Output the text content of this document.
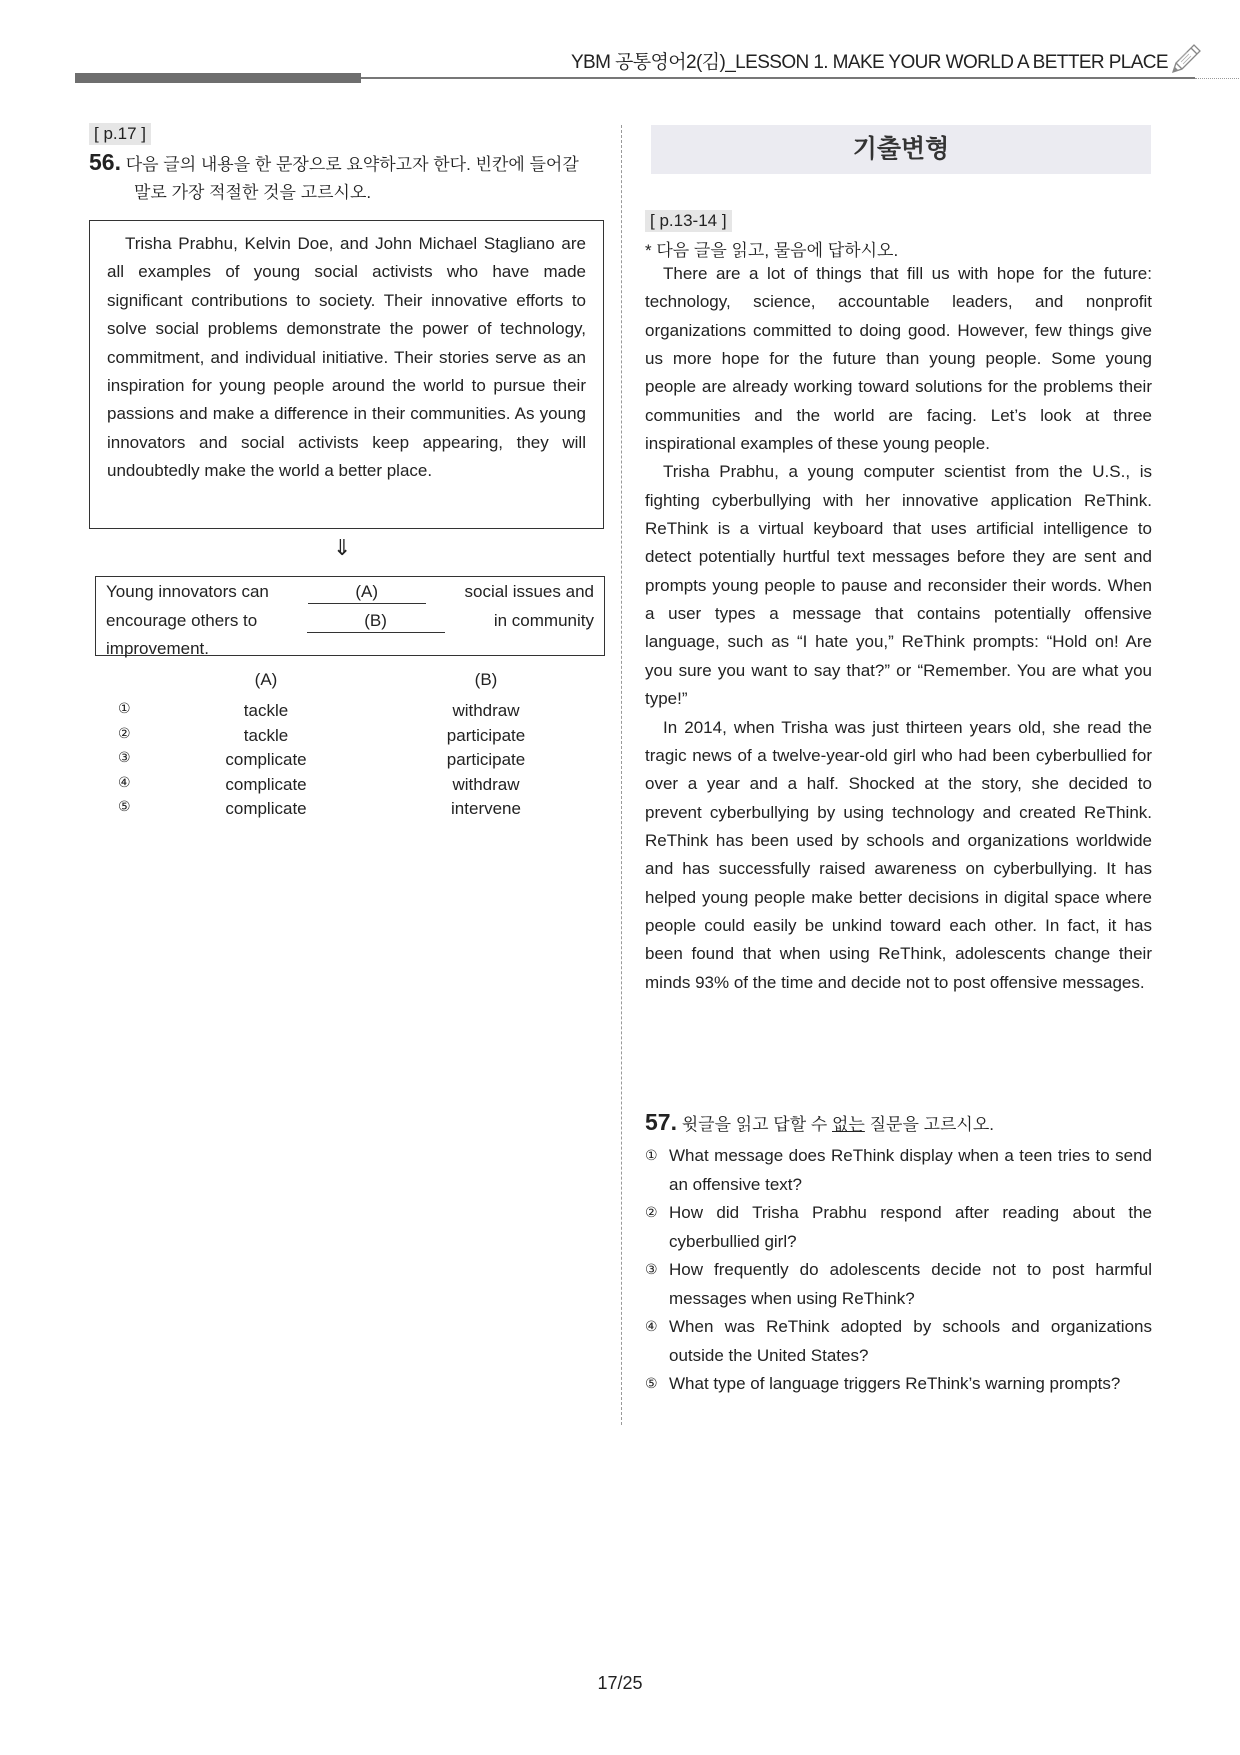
YBM 공통영어2(김)_LESSON 1. MAKE YOUR WORLD A BETTER PLACE
[ p.17 ]
56. 다음 글의 내용을 한 문장으로 요약하고자 한다. 빈칸에 들어갈
말로 가장 적절한 것을 고르시오.

Trisha Prabhu, Kelvin Doe, and John Michael Stagliano are all examples of young social activists who have made significant contributions to society. Their innovative efforts to solve social problems demonstrate the power of technology, commitment, and individual initiative. Their stories serve as an inspiration for young people around the world to pursue their passions and make a difference in their communities. As young innovators and social activists keep appearing, they will undoubtedly make the world a better place.

⇓
Young innovators can	(A)	social issues and
encourage others to	(B)	in community
improvement.
(A)	(B)
①	tackle	withdraw
②	tackle	participate
③	complicate	participate
④	complicate	withdraw
⑤	complicate	intervene
기출변형
[ p.13-14 ]
* 다음 글을 읽고, 물음에 답하시오.

There are a lot of things that fill us with hope for the future: technology, science, accountable leaders, and nonprofit organizations committed to doing good. However, few things give us more hope for the future than young people. Some young people are already working toward solutions for the problems their communities and the world are facing. Let’s look at three inspirational examples of these young people.

Trisha Prabhu, a young computer scientist from the U.S., is fighting cyberbullying with her innovative application ReThink. ReThink is a virtual keyboard that uses artificial intelligence to detect potentially hurtful text messages before they are sent and prompts young people to pause and reconsider their words. When a user types a message that contains potentially offensive language, such as “I hate you,” ReThink prompts: “Hold on! Are you sure you want to say that?” or “Remember. You are what you type!”

In 2014, when Trisha was just thirteen years old, she read the tragic news of a twelve-year-old girl who had been cyberbullied for over a year and a half. Shocked at the story, she decided to prevent cyberbullying by using technology and created ReThink. ReThink has been used by schools and organizations worldwide and has successfully raised awareness on cyberbullying. It has helped young people make better decisions in digital space where people could easily be unkind toward each other. In fact, it has been found that when using ReThink, adolescents change their minds 93% of the time and decide not to post offensive messages.

57. 윗글을 읽고 답할 수 없는 질문을 고르시오.
① What message does ReThink display when a teen tries to send an offensive text?
② How did Trisha Prabhu respond after reading about the cyberbullied girl?
③ How frequently do adolescents decide not to post harmful messages when using ReThink?
④ When was ReThink adopted by schools and organizations outside the United States?
⑤ What type of language triggers ReThink’s warning prompts?
17/25
